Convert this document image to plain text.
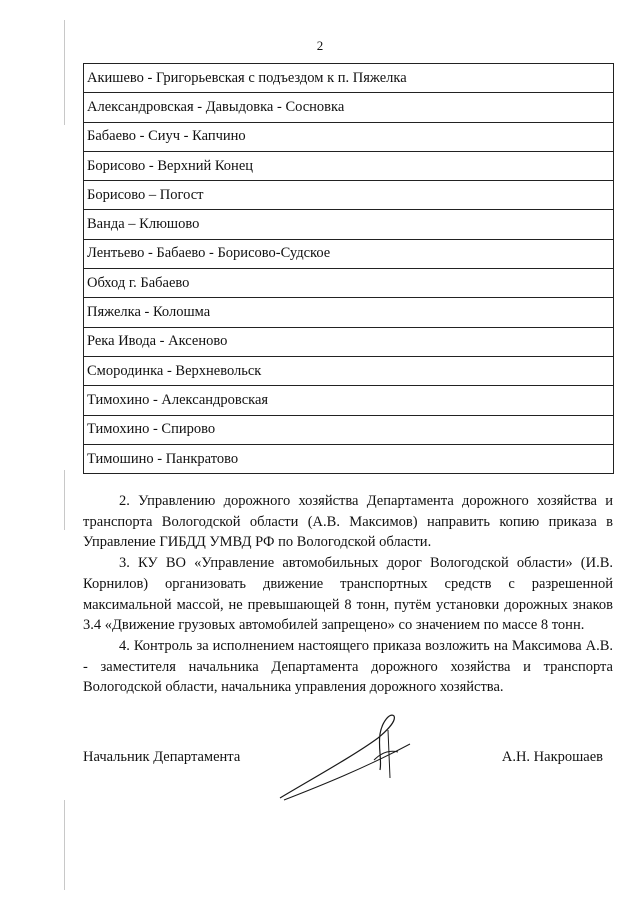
2
Акишево - Григорьевская с подъездом к п. Пяжелка
Александровская - Давыдовка - Сосновка
Бабаево - Сиуч - Капчино
Борисово - Верхний Конец
Борисово – Погост
Ванда – Клюшово
Лентьево - Бабаево - Борисово-Судское
Обход г. Бабаево
Пяжелка - Колошма
Река Ивода - Аксеново
Смородинка - Верхневольск
Тимохино - Александровская
Тимохино - Спирово
Тимошино - Панкратово

2. Управлению дорожного хозяйства Департамента дорожного хозяйства и транспорта Вологодской области (А.В. Максимов) направить копию приказа в Управление ГИБДД УМВД РФ по Вологодской области.

3. КУ ВО «Управление автомобильных дорог Вологодской области» (И.В. Корнилов) организовать движение транспортных средств с разрешенной максимальной массой, не превышающей 8 тонн, путём установки дорожных знаков 3.4 «Движение грузовых автомобилей запрещено» со значением по массе 8 тонн.

4. Контроль за исполнением настоящего приказа возложить на Максимова А.В. - заместителя начальника Департамента дорожного хозяйства и транспорта Вологодской области, начальника управления дорожного хозяйства.

Начальник Департамента	А.Н. Накрошаев
